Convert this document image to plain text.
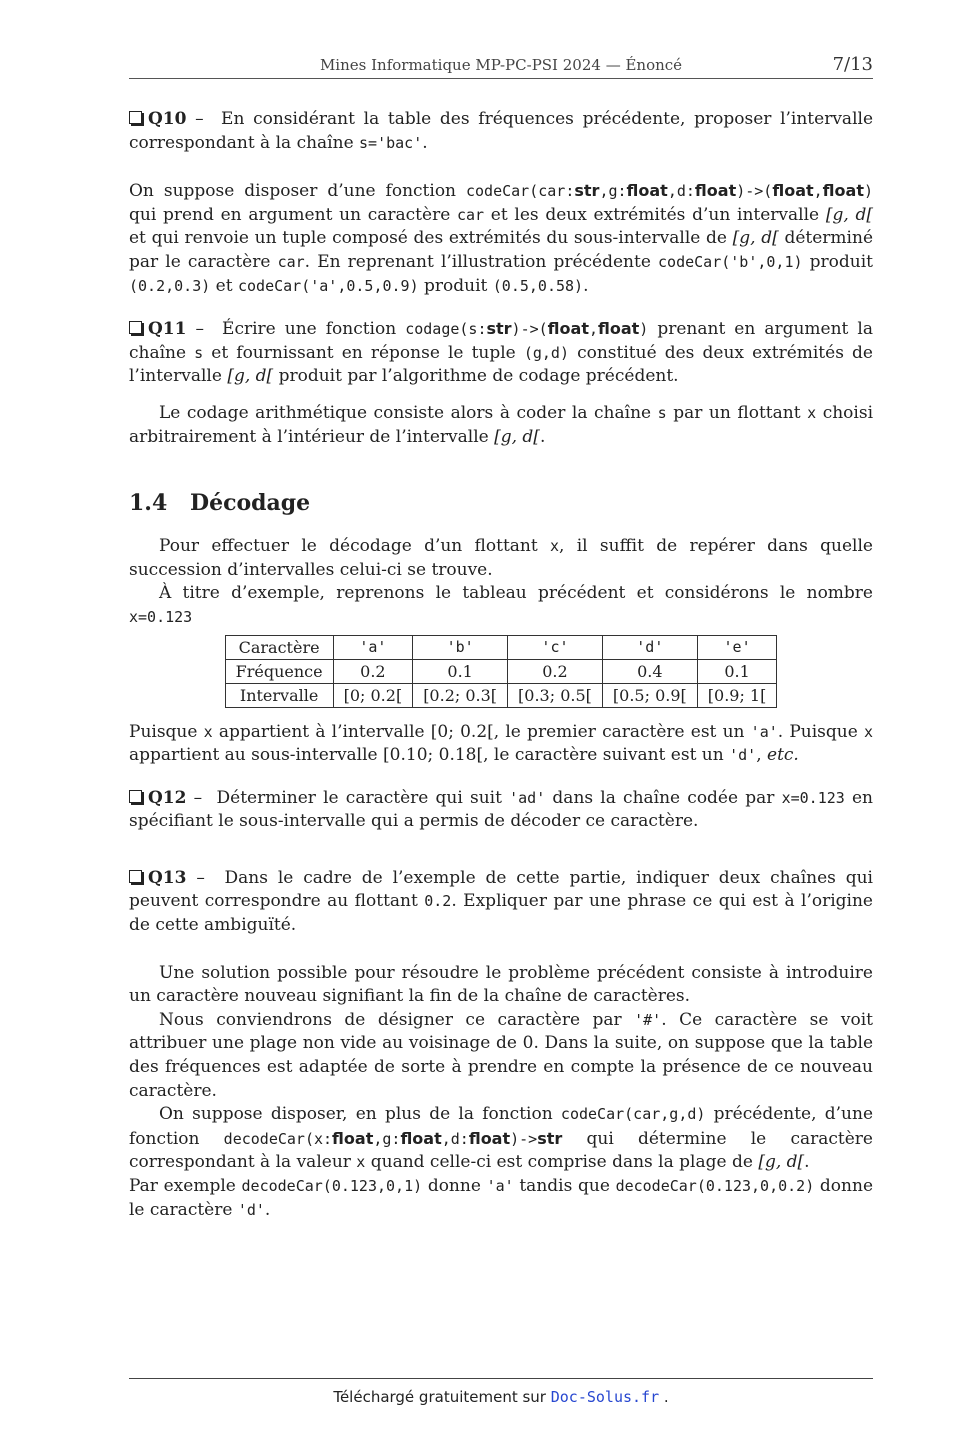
Mines Informatique MP-PC-PSI 2024 — Énoncé	7/13

Q10 –  En considérant la table des fréquences précédente, proposer l’intervalle correspondant à la chaîne s='bac'.

On suppose disposer d’une fonction codeCar(car:str,g:float,d:float)->(float,float) qui prend en argument un caractère car et les deux extrémités d’un intervalle [g, d[ et qui renvoie un tuple composé des extrémités du sous-intervalle de [g, d[ déterminé par le caractère car. En reprenant l’illustration précédente codeCar('b',0,1) produit (0.2,0.3) et codeCar('a',0.5,0.9) produit (0.5,0.58).

Q11 –  Écrire une fonction codage(s:str)->(float,float) prenant en argument la chaîne s et fournissant en réponse le tuple (g,d) constitué des deux extrémités de l’intervalle [g, d[ produit par l’algorithme de codage précédent.

Le codage arithmétique consiste alors à coder la chaîne s par un flottant x choisi arbitrairement à l’intérieur de l’intervalle [g, d[.

1.4 Décodage

Pour effectuer le décodage d’un flottant x, il suffit de repérer dans quelle succession d’intervalles celui-ci se trouve.

À titre d’exemple, reprenons le tableau précédent et considérons le nombre x=0.123

Caractère	'a'	'b'	'c'	'd'	'e'
Fréquence	0.2	0.1	0.2	0.4	0.1
Intervalle	[0; 0.2[	[0.2; 0.3[	[0.3; 0.5[	[0.5; 0.9[	[0.9; 1[

Puisque x appartient à l’intervalle [0; 0.2[, le premier caractère est un 'a'. Puisque x appartient au sous-intervalle [0.10; 0.18[, le caractère suivant est un 'd', etc.

Q12 –  Déterminer le caractère qui suit 'ad' dans la chaîne codée par x=0.123 en spécifiant le sous-intervalle qui a permis de décoder ce caractère.

Q13 –  Dans le cadre de l’exemple de cette partie, indiquer deux chaînes qui peuvent correspondre au flottant 0.2. Expliquer par une phrase ce qui est à l’origine de cette ambiguïté.

Une solution possible pour résoudre le problème précédent consiste à introduire un caractère nouveau signifiant la fin de la chaîne de caractères.

Nous conviendrons de désigner ce caractère par '#'. Ce caractère se voit attribuer une plage non vide au voisinage de 0. Dans la suite, on suppose que la table des fréquences est adaptée de sorte à prendre en compte la présence de ce nouveau caractère.

On suppose disposer, en plus de la fonction codeCar(car,g,d) précédente, d’une fonction decodeCar(x:float,g:float,d:float)->str qui détermine le caractère correspondant à la valeur x quand celle-ci est comprise dans la plage de [g, d[.

Par exemple decodeCar(0.123,0,1) donne 'a' tandis que decodeCar(0.123,0,0.2) donne le caractère 'd'.

Téléchargé gratuitement sur Doc-Solus.fr .
